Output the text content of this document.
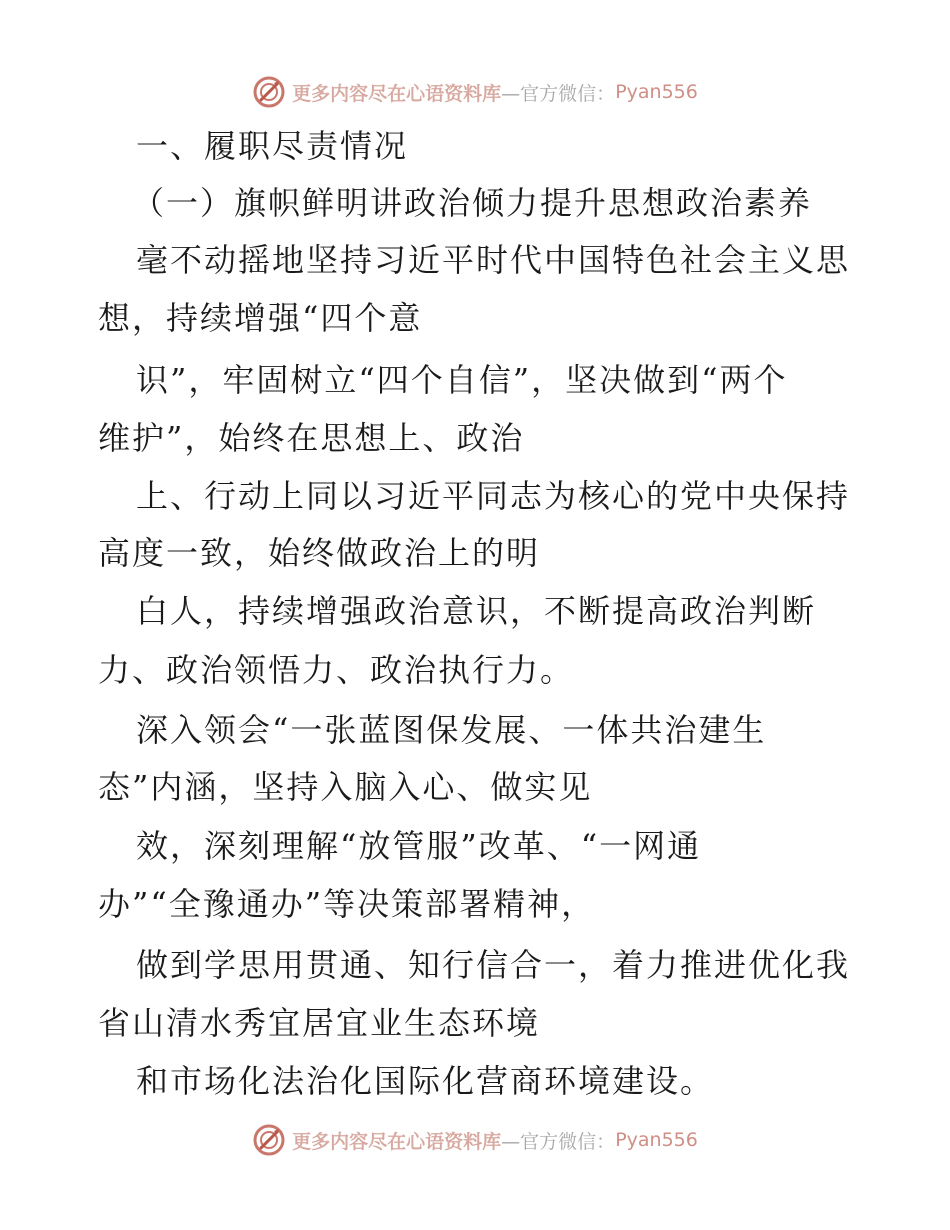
更多内容尽在心语资料库 —官方微信： Pyan556
一、履职尽责情况
（一）旗帜鲜明讲政治倾力提升思想政治素养
毫不动摇地坚持习近平时代中国特色社会主义思
想，持续增强“四个意
识”，牢固树立“四个自信”，坚决做到“两个
维护”，始终在思想上、政治
上、行动上同以习近平同志为核心的党中央保持
高度一致，始终做政治上的明
白人，持续增强政治意识，不断提高政治判断
力、政治领悟力、政治执行力。
深入领会“一张蓝图保发展、一体共治建生
态”内涵，坚持入脑入心、做实见
效，深刻理解“放管服”改革、“一网通
办”“全豫通办”等决策部署精神，
做到学思用贯通、知行信合一，着力推进优化我
省山清水秀宜居宜业生态环境
和市场化法治化国际化营商环境建设。
更多内容尽在心语资料库 —官方微信： Pyan556
